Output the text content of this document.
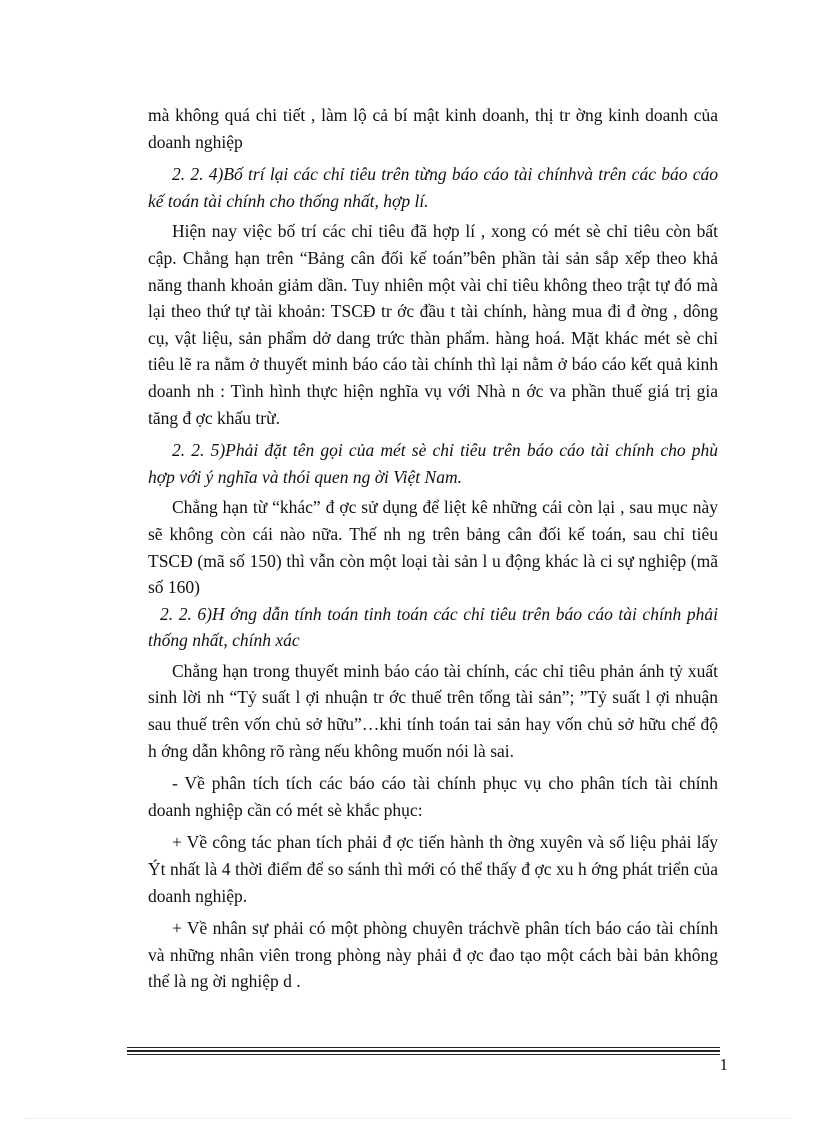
mà không quá chi tiết , làm lộ cả bí mật kinh doanh, thị tr ờng kinh doanh của doanh nghiệp

2. 2. 4)Bố trí lại các chỉ tiêu trên từng báo cáo tài chínhvà trên các báo cáo kế toán tài chính cho thống nhất, hợp lí.

Hiện nay việc bố trí các chỉ tiêu đã hợp lí , xong có mét sè chỉ tiêu còn bất cập. Chẳng hạn trên “Bảng cân đối kế toán”bên phần tài sản sắp xếp theo khả năng thanh khoản giảm dần. Tuy nhiên một vài chỉ tiêu không theo trật tự đó mà lại theo thứ tự tài khoản: TSCĐ tr ớc đầu t tài chính, hàng mua đi đ ờng , dông cụ, vật liệu, sản phẩm dở dang trức thàn phẩm. hàng hoá. Mặt khác mét sè chỉ tiêu lẽ ra nằm ở thuyết minh báo cáo tài chính thì lại nằm ở báo cáo kết quả kinh doanh nh : Tình hình thực hiện nghĩa vụ với Nhà n ớc va phần thuế giá trị gia tăng đ ợc khấu trừ.

2. 2. 5)Phải đặt tên gọi của mét sè chỉ tiêu trên báo cáo tài chính cho phù hợp với ý nghĩa và thói quen ng ời Việt Nam.

Chẳng hạn từ “khác” đ ợc sử dụng để liệt kê những cái còn lại , sau mục này sẽ không còn cái nào nữa. Thế nh ng trên bảng cân đối kế toán, sau chỉ tiêu TSCĐ (mã số 150) thì vẫn còn một loại tài sản l u động khác là ci sự nghiệp (mã số 160)

2. 2. 6)H ớng dẫn tính toán tinh toán các chỉ tiêu trên báo cáo tài chính phải thống nhất, chính xác

Chẳng hạn trong thuyết minh báo cáo tài chính, các chỉ tiêu phản ánh tỷ xuất sinh lời nh “Tỷ suất l ợi nhuận tr ớc thuế trên tổng tài sản”; ”Tỷ suất l ợi nhuận sau thuế trên vốn chủ sở hữu”…khi tính toán tai sản hay vốn chủ sở hữu chế độ h ớng dẫn không rõ ràng nếu không muốn nói là sai.

- Về phân tích tích các báo cáo tài chính phục vụ cho phân tích tài chính doanh nghiệp cần có mét sè khắc phục:

+ Về công tác phan tích phải đ ợc tiến hành th ờng xuyên và số liệu phải lấy Ýt nhất là 4 thời điểm để so sánh thì mới có thể thấy đ ợc xu h ớng phát triển của doanh nghiệp.

+ Về nhân sự phải có một phòng chuyên tráchvề phân tích báo cáo tài chính và những nhân viên trong phòng này phải đ ợc đao tạo một cách bài bản không thể là ng ời nghiệp d .

1
